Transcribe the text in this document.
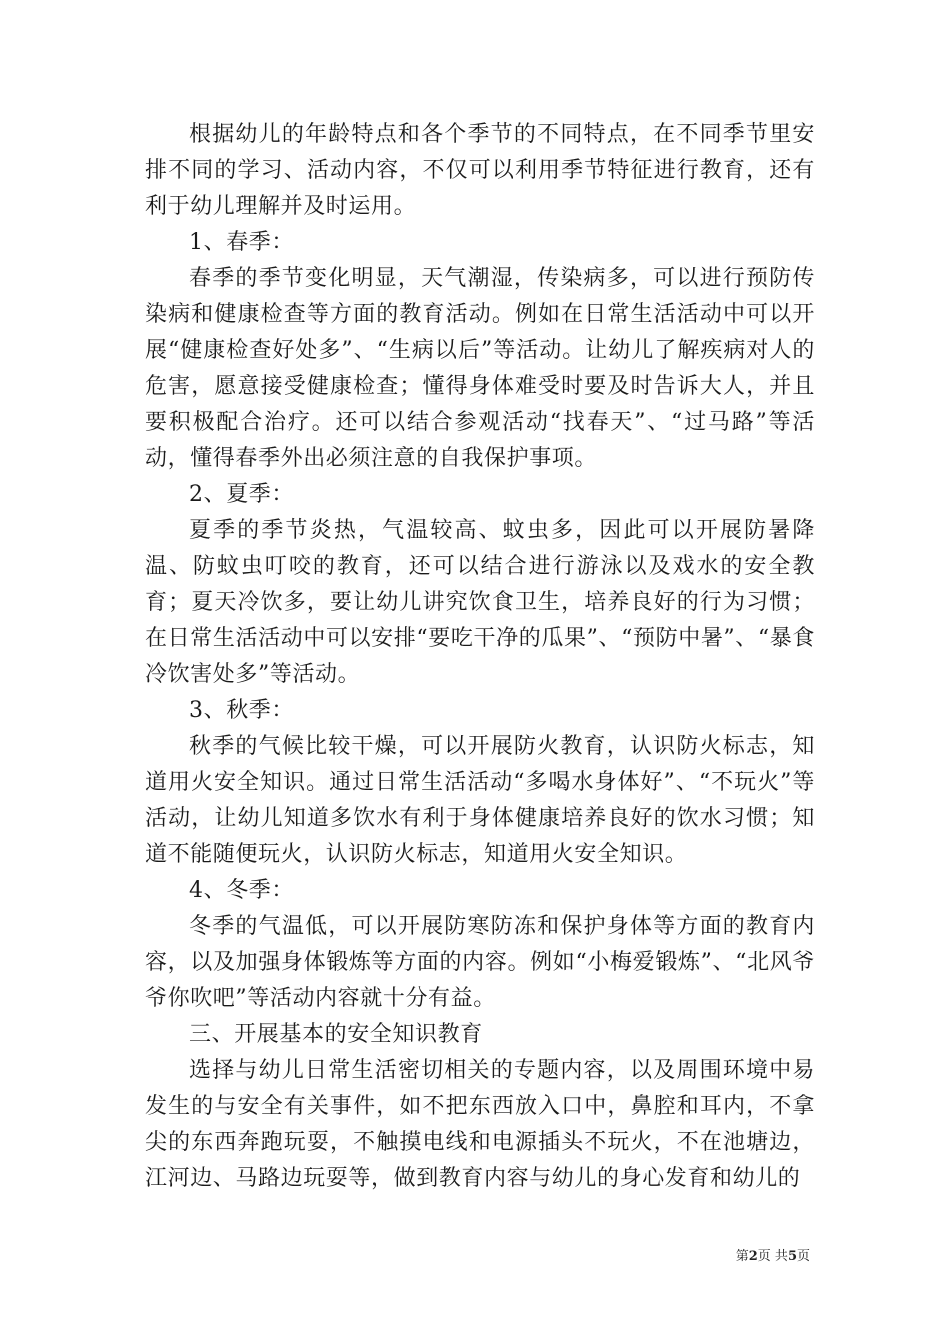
根据幼儿的年龄特点和各个季节的不同特点，在不同季节里安排不同的学习、活动内容，不仅可以利用季节特征进行教育，还有利于幼儿理解并及时运用。

1、春季：

春季的季节变化明显，天气潮湿，传染病多，可以进行预防传染病和健康检查等方面的教育活动。例如在日常生活活动中可以开展“健康检查好处多”、“生病以后”等活动。让幼儿了解疾病对人的危害，愿意接受健康检查；懂得身体难受时要及时告诉大人，并且要积极配合治疗。还可以结合参观活动“找春天”、“过马路”等活动，懂得春季外出必须注意的自我保护事项。

2、夏季：

夏季的季节炎热，气温较高、蚊虫多，因此可以开展防暑降温、防蚊虫叮咬的教育，还可以结合进行游泳以及戏水的安全教育；夏天冷饮多，要让幼儿讲究饮食卫生，培养良好的行为习惯；在日常生活活动中可以安排“要吃干净的瓜果”、“预防中暑”、“暴食冷饮害处多”等活动。

3、秋季：

秋季的气候比较干燥，可以开展防火教育，认识防火标志，知道用火安全知识。通过日常生活活动“多喝水身体好”、“不玩火”等活动，让幼儿知道多饮水有利于身体健康培养良好的饮水习惯；知道不能随便玩火，认识防火标志，知道用火安全知识。

4、冬季：

冬季的气温低，可以开展防寒防冻和保护身体等方面的教育内容，以及加强身体锻炼等方面的内容。例如“小梅爱锻炼”、“北风爷爷你吹吧”等活动内容就十分有益。

三、开展基本的安全知识教育

选择与幼儿日常生活密切相关的专题内容，以及周围环境中易发生的与安全有关事件，如不把东西放入口中，鼻腔和耳内，不拿尖的东西奔跑玩耍，不触摸电线和电源插头不玩火，不在池塘边，江河边、马路边玩耍等，做到教育内容与幼儿的身心发育和幼儿的

第2页 共5页
